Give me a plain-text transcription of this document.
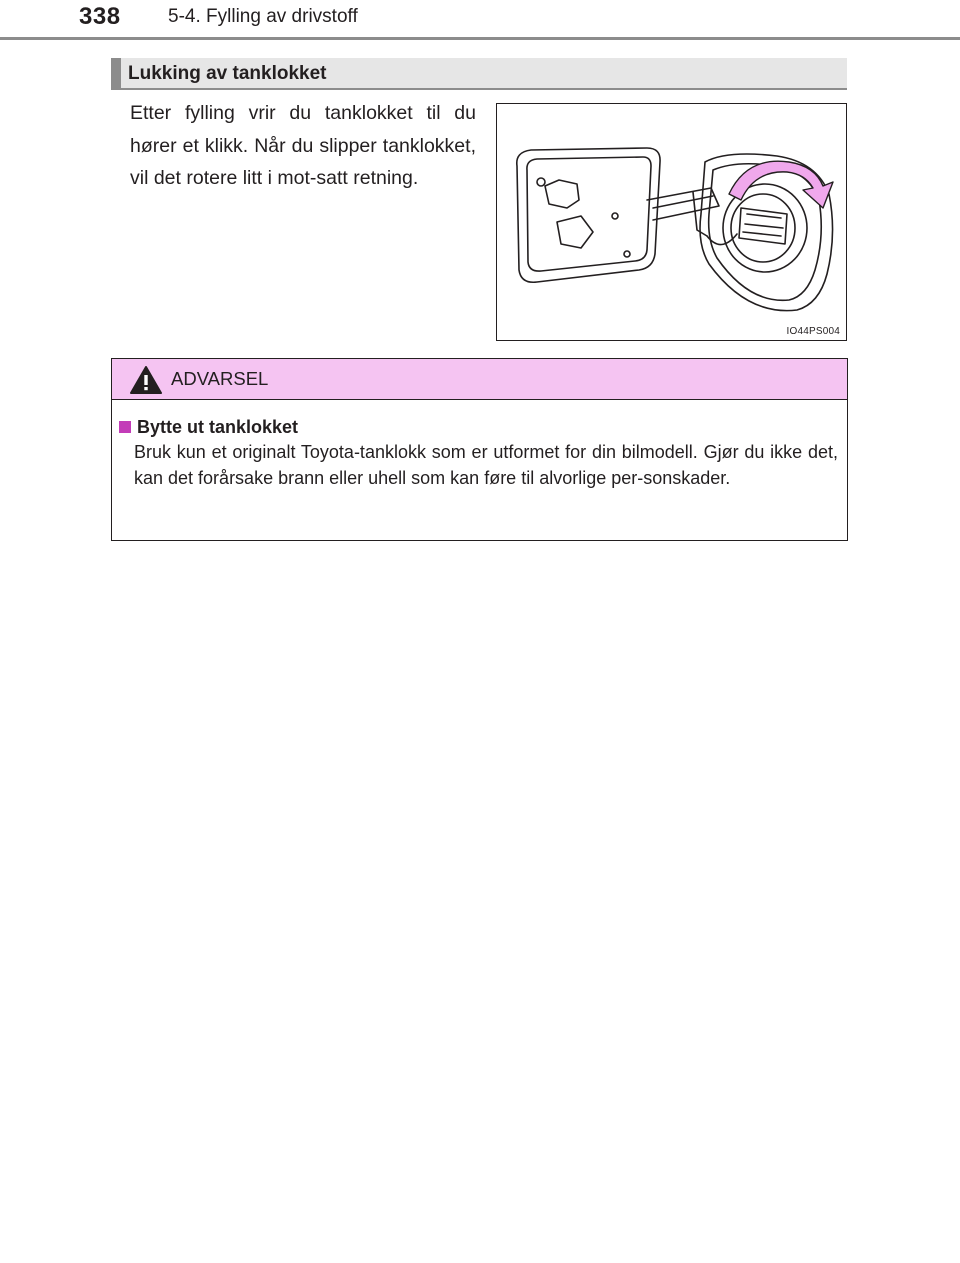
338 5-4. Fylling av drivstoff
Lukking av tanklokket
Etter fylling vrir du tanklokket til du hører et klikk. Når du slipper tanklokket, vil det rotere litt i mot-satt retning.
IO44PS004
ADVARSEL
Bytte ut tanklokket
Bruk kun et originalt Toyota-tanklokk som er utformet for din bilmodell. Gjør du ikke det, kan det forårsake brann eller uhell som kan føre til alvorlige per-sonskader.
